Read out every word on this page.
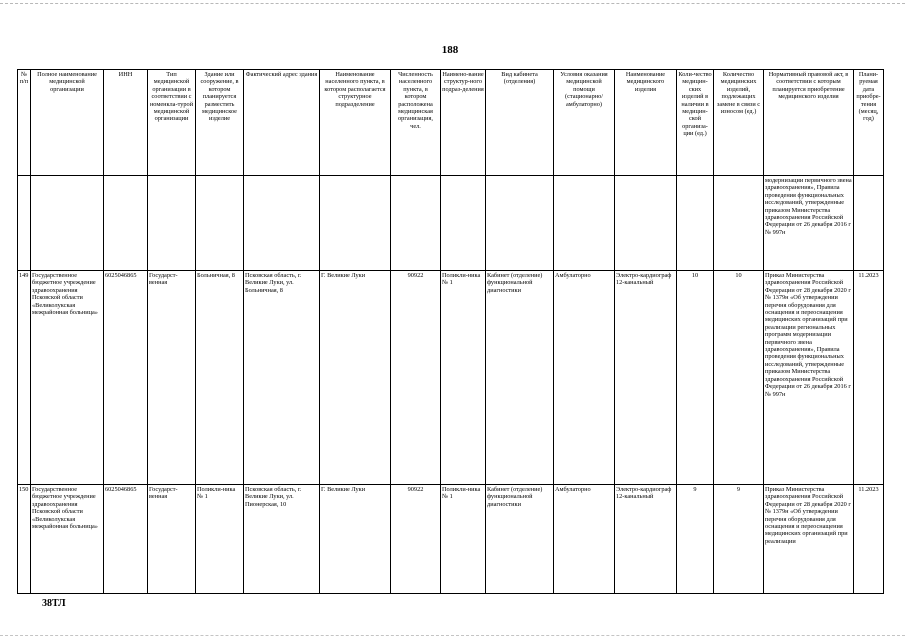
188
№ п/п	Полное наименование медицинской организации	ИНН	Тип медицинской организации в соответствии с номенкла-турой медицинской организации	Здание или сооружение, в котором планируется разместить медицинское изделие	Фактический адрес здания	Наименование населенного пункта, в котором располагается структурное подразделение	Численность населенного пункта, в котором расположена медицинская организация, чел.	Наимено-вание структур-ного подраз-деления	Вид кабинета (отделения)	Условия оказания медицинской помощи (стационарно/ амбулаторно)	Наименование медицинского изделия	Коли-чество медицин-ских изделий в наличии в медицин-ской организа-ции (ед.)	Количество медицинских изделий, подлежащих замене в связи с износом (ед.)	Нормативный правовой акт, в соответствии с которым планируется приобретение медицинского изделия	Плани-руемая дата приобре-тения (месяц, год)
														модернизации первичного звена здравоохранения», Правила проведения функциональных исследований, утвержденные приказом Министерства здравоохранения Российской Федерации от 26 декабря 2016 г № 997н	
149	Государственное бюджетное учреждение здравоохранения Псковской области «Великолукская межрайонная больница»	6025046865	Государст-венная	Больничная, 8	Псковская область, г. Великие Луки, ул. Больничная, 8	Г. Великие Луки	90922	Поликли-ника № 1	Кабинет (отделение) функциональной диагностики	Амбулаторно	Электро-кардиограф 12-канальный	10	10	Приказ Министерства здравоохранения Российской Федерации от 28 декабря 2020 г № 1379н «Об утверждении перечня оборудования для оснащения и переоснащения медицинских организаций при реализации региональных программ модернизации первичного звена здравоохранения», Правила проведения функциональных исследований, утвержденные приказом Министерства здравоохранения Российской Федерации от 26 декабря 2016 г № 997н	11.2023
150	Государственное бюджетное учреждение здравоохранения Псковской области «Великолукская межрайонная больница»	6025046865	Государст-венная	Поликли-ника № 1	Псковская область, г. Великие Луки, ул. Пионерская, 10	Г. Великие Луки	90922	Поликли-ника № 1	Кабинет (отделение) функциональной диагностики	Амбулаторно	Электро-кардиограф 12-канальный	9	9	Приказ Министерства здравоохранения Российской Федерации от 28 декабря 2020 г № 1379н «Об утверждении перечня оборудования для оснащения и переоснащения медицинских организаций при реализации	11.2023
38ТЛ
